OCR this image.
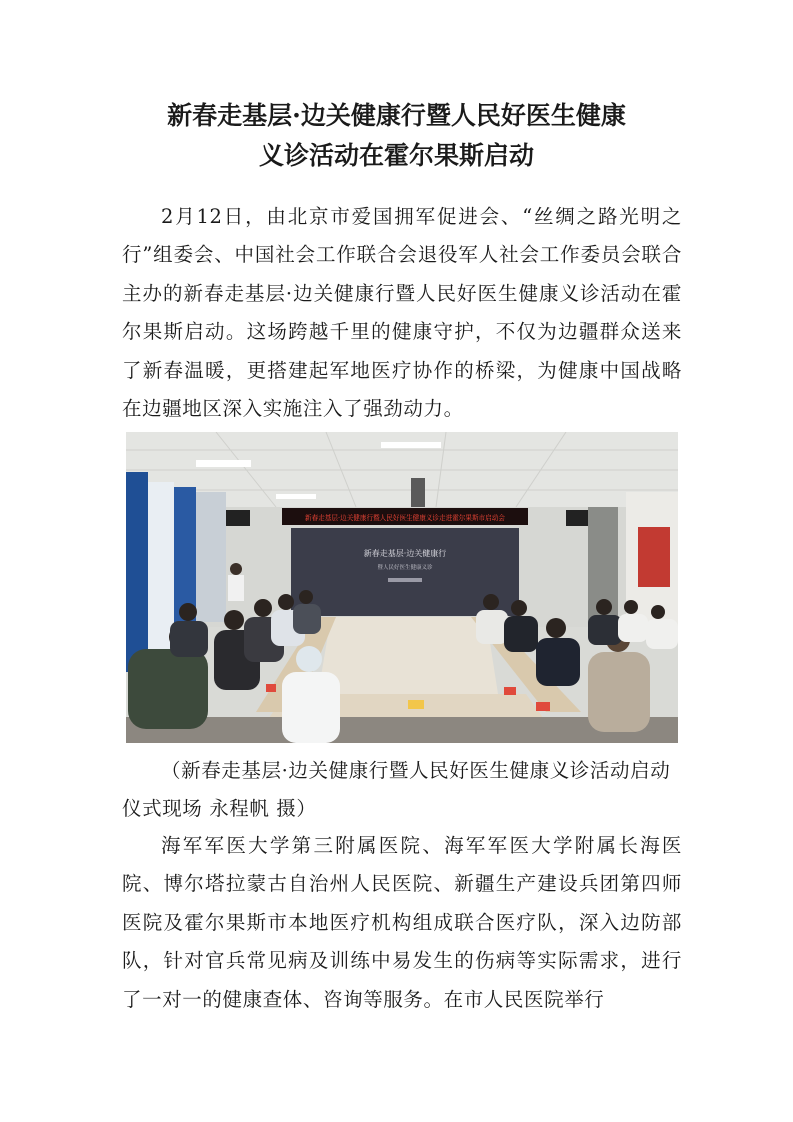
新春走基层·边关健康行暨人民好医生健康
义诊活动在霍尔果斯启动

2月12日，由北京市爱国拥军促进会、“丝绸之路光明之行”组委会、中国社会工作联合会退役军人社会工作委员会联合主办的新春走基层·边关健康行暨人民好医生健康义诊活动在霍尔果斯启动。这场跨越千里的健康守护，不仅为边疆群众送来了新春温暖，更搭建起军地医疗协作的桥梁，为健康中国战略在边疆地区深入实施注入了强劲动力。

新春走基层·边关健康行暨人民好医生健康义诊走进霍尔果斯市启动会
新春走基层·边关健康行
暨人民好医生健康义诊

（新春走基层·边关健康行暨人民好医生健康义诊活动启动仪式现场 永程帆 摄）

海军军医大学第三附属医院、海军军医大学附属长海医院、博尔塔拉蒙古自治州人民医院、新疆生产建设兵团第四师医院及霍尔果斯市本地医疗机构组成联合医疗队，深入边防部队，针对官兵常见病及训练中易发生的伤病等实际需求，进行了一对一的健康查体、咨询等服务。在市人民医院举行
